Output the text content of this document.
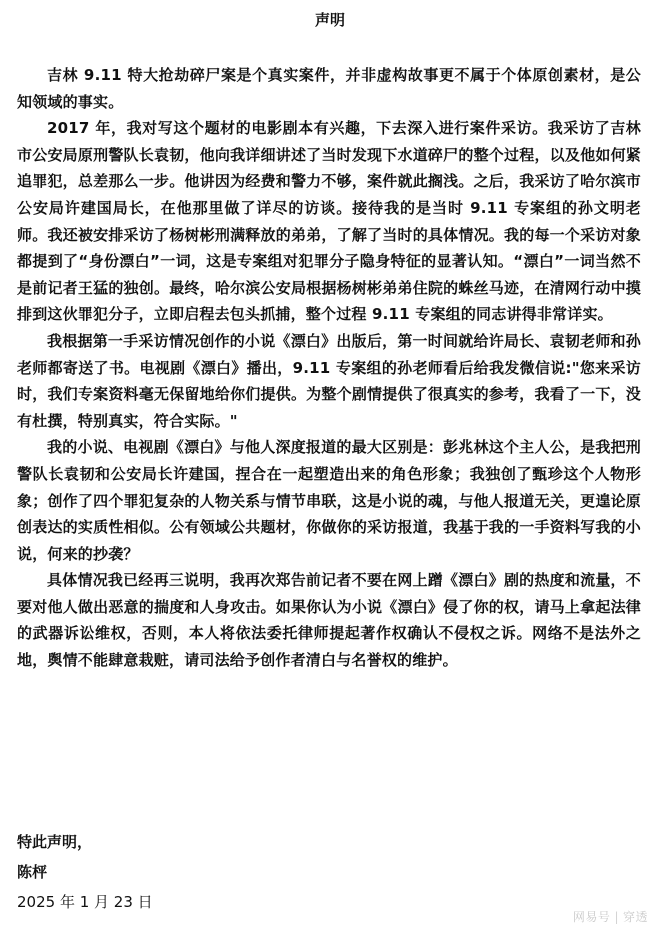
声明

吉林 9.11 特大抢劫碎尸案是个真实案件，并非虚构故事更不属于个体原创素材，是公知领域的事实。

2017 年，我对写这个题材的电影剧本有兴趣，下去深入进行案件采访。我采访了吉林市公安局原刑警队长袁韧，他向我详细讲述了当时发现下水道碎尸的整个过程，以及他如何紧追罪犯，总差那么一步。他讲因为经费和警力不够，案件就此搁浅。之后，我采访了哈尔滨市公安局许建国局长，在他那里做了详尽的访谈。接待我的是当时 9.11 专案组的孙文明老师。我还被安排采访了杨树彬刑满释放的弟弟，了解了当时的具体情况。我的每一个采访对象都提到了“身份漂白”一词，这是专案组对犯罪分子隐身特征的显著认知。“漂白”一词当然不是前记者王猛的独创。最终，哈尔滨公安局根据杨树彬弟弟住院的蛛丝马迹，在清网行动中摸排到这伙罪犯分子，立即启程去包头抓捕，整个过程 9.11 专案组的同志讲得非常详实。

我根据第一手采访情况创作的小说《漂白》出版后，第一时间就给许局长、袁韧老师和孙老师都寄送了书。电视剧《漂白》播出，9.11 专案组的孙老师看后给我发微信说:"您来采访时，我们专案资料毫无保留地给你们提供。为整个剧情提供了很真实的参考，我看了一下，没有杜撰，特别真实，符合实际。"

我的小说、电视剧《漂白》与他人深度报道的最大区别是：彭兆林这个主人公，是我把刑警队长袁韧和公安局长许建国，捏合在一起塑造出来的角色形象；我独创了甄珍这个人物形象；创作了四个罪犯复杂的人物关系与情节串联，这是小说的魂，与他人报道无关，更遑论原创表达的实质性相似。公有领域公共题材，你做你的采访报道，我基于我的一手资料写我的小说，何来的抄袭？

具体情况我已经再三说明，我再次郑告前记者不要在网上蹭《漂白》剧的热度和流量，不要对他人做出恶意的揣度和人身攻击。如果你认为小说《漂白》侵了你的权，请马上拿起法律的武器诉讼维权，否则，本人将依法委托律师提起著作权确认不侵权之诉。网络不是法外之地，舆情不能肆意栽赃，请司法给予创作者清白与名誉权的维护。

特此声明，
陈枰
2025 年 1 月 23 日
网易号 | 穿透
